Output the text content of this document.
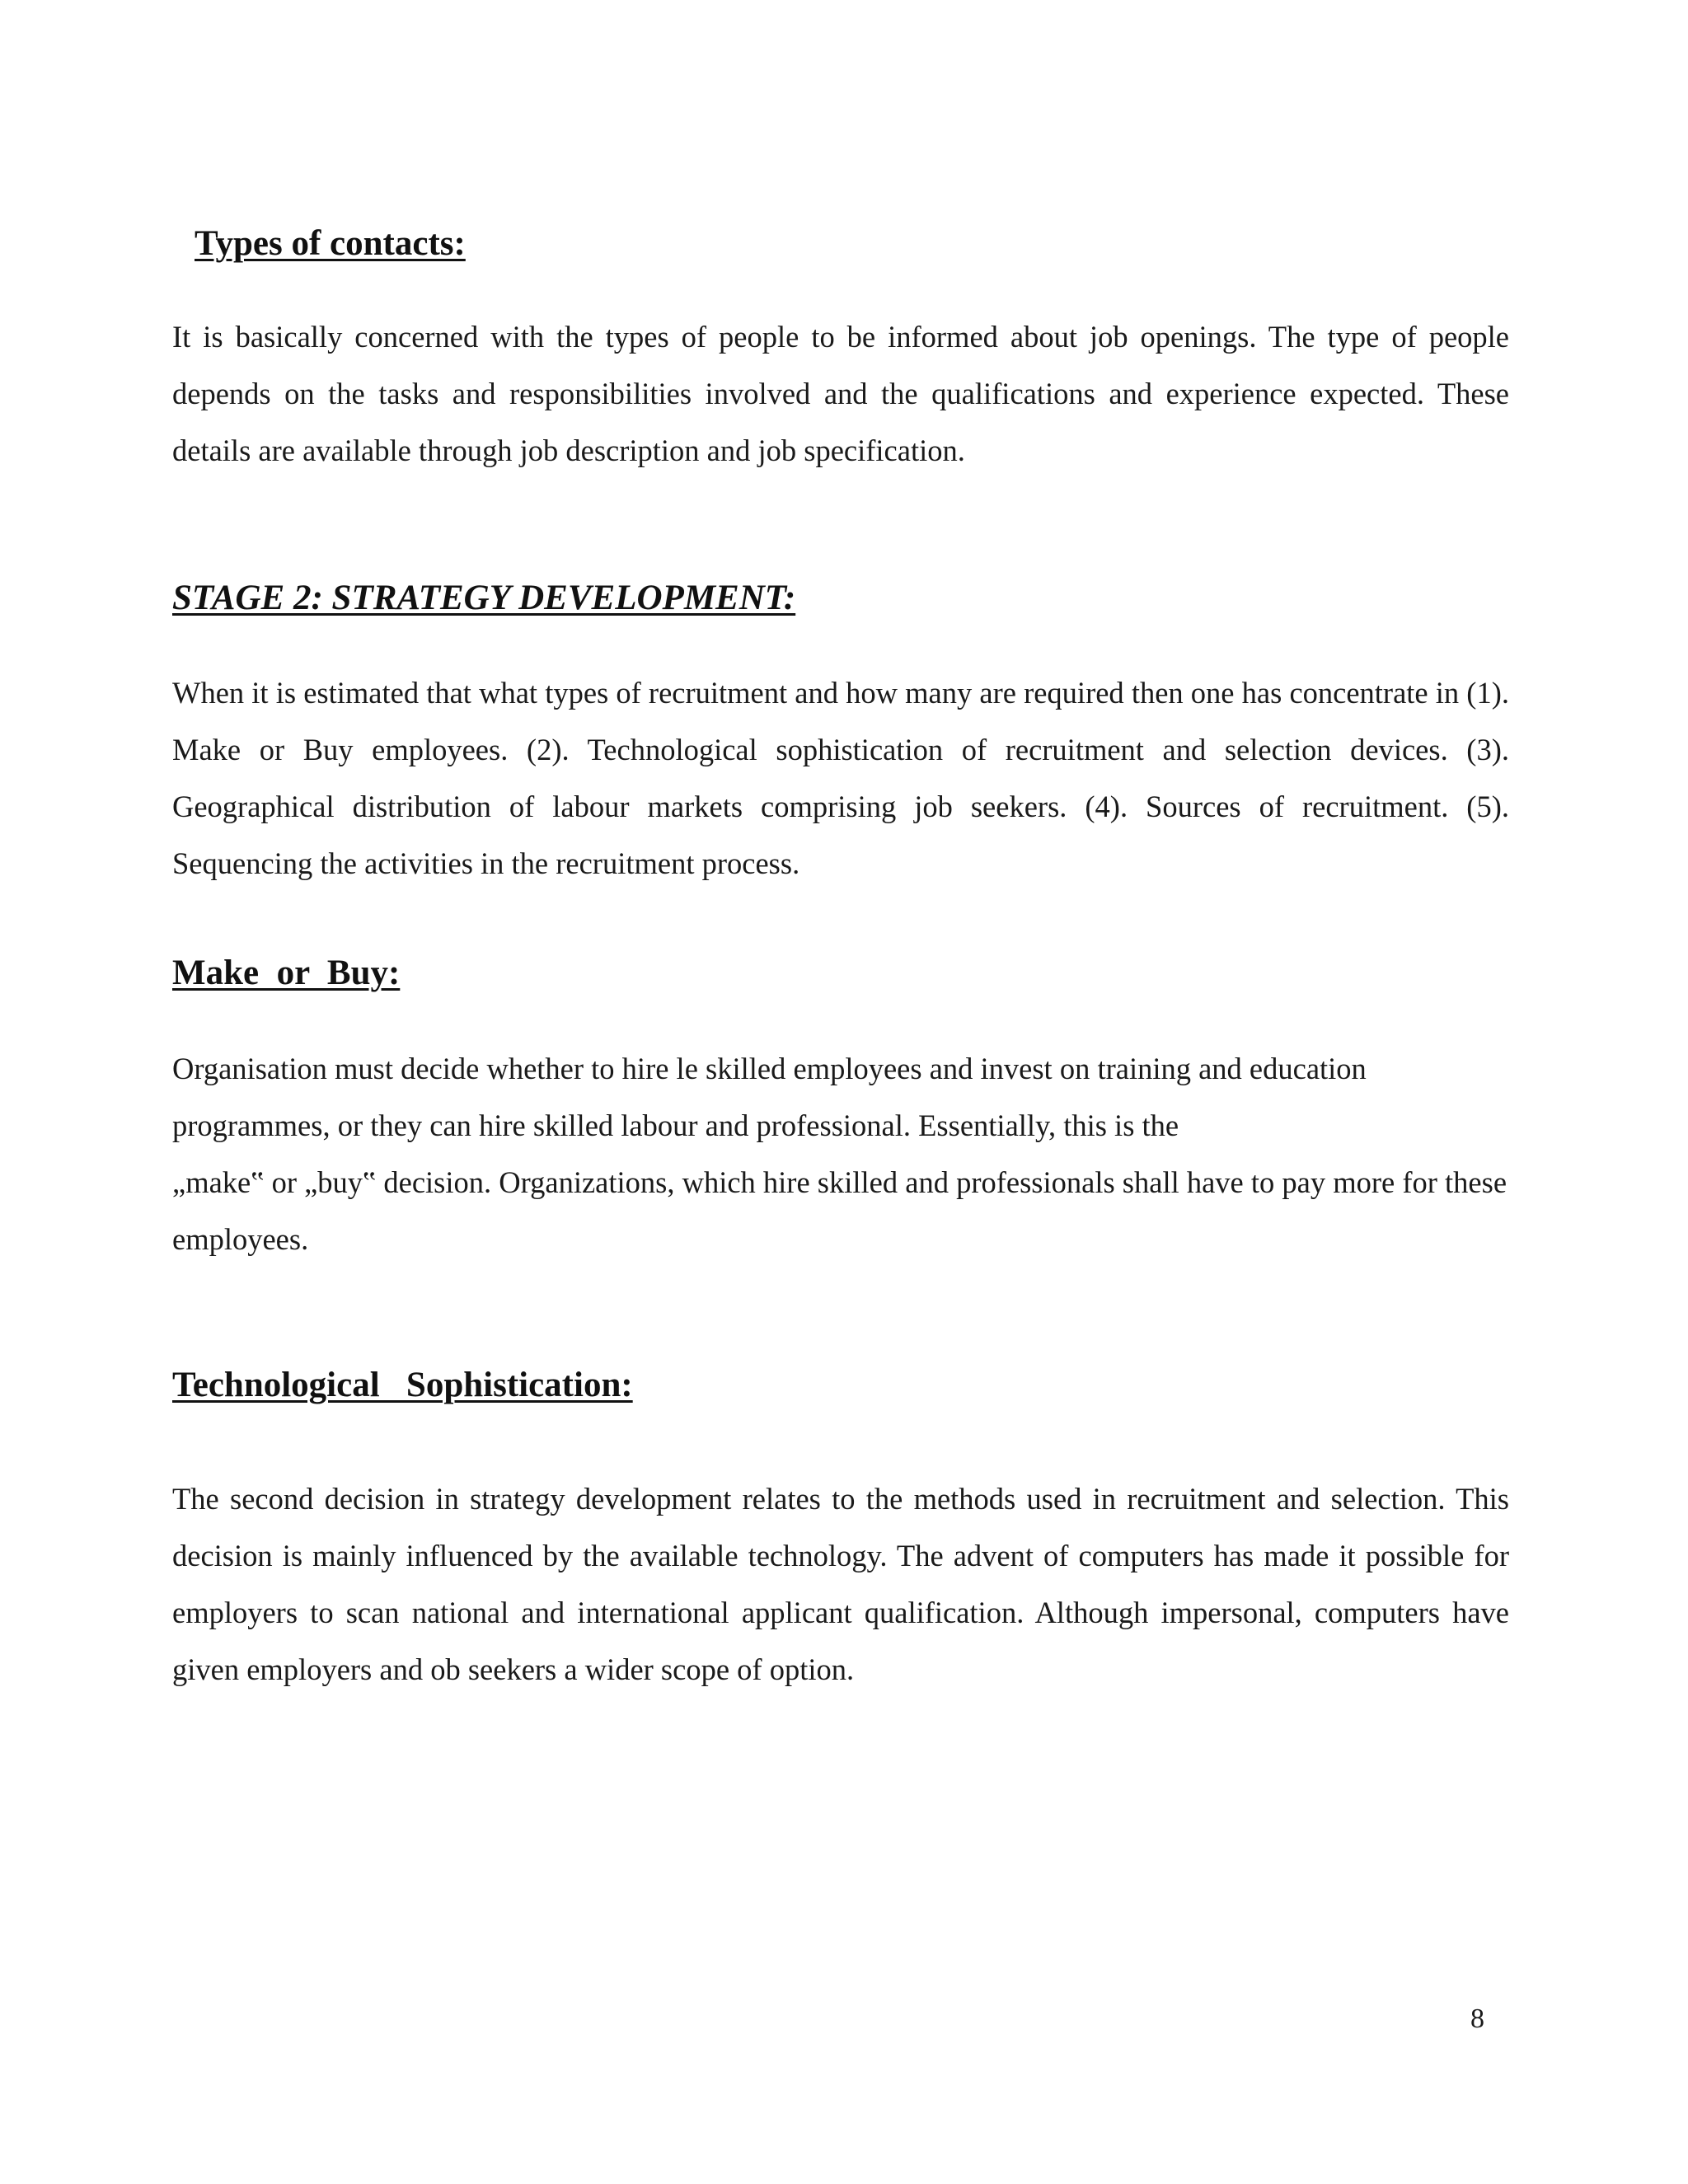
Types of contacts:

It is basically concerned with the types of people to be informed about job openings. The type of people depends on the tasks and responsibilities involved and the qualifications and experience expected. These details are available through job description and job specification.

STAGE 2: STRATEGY DEVELOPMENT:

When it is estimated that what types of recruitment and how many are required then one has concentrate in (1). Make or Buy employees. (2). Technological sophistication of recruitment and selection devices. (3). Geographical distribution of labour markets comprising job seekers. (4). Sources of recruitment. (5). Sequencing the activities in the recruitment process.

Make  or  Buy:

Organisation must decide whether to hire le skilled employees and invest on training and education programmes, or they can hire skilled labour and professional. Essentially, this is the
„make‟ or „buy‟ decision. Organizations, which hire skilled and professionals shall have to pay more for these employees.

Technological   Sophistication:

The second decision in strategy development relates to the methods used in recruitment and selection. This decision is mainly influenced by the available technology. The advent of computers has made it possible for employers to scan national and international applicant qualification. Although impersonal, computers have given employers and ob seekers a wider scope of option.

8
